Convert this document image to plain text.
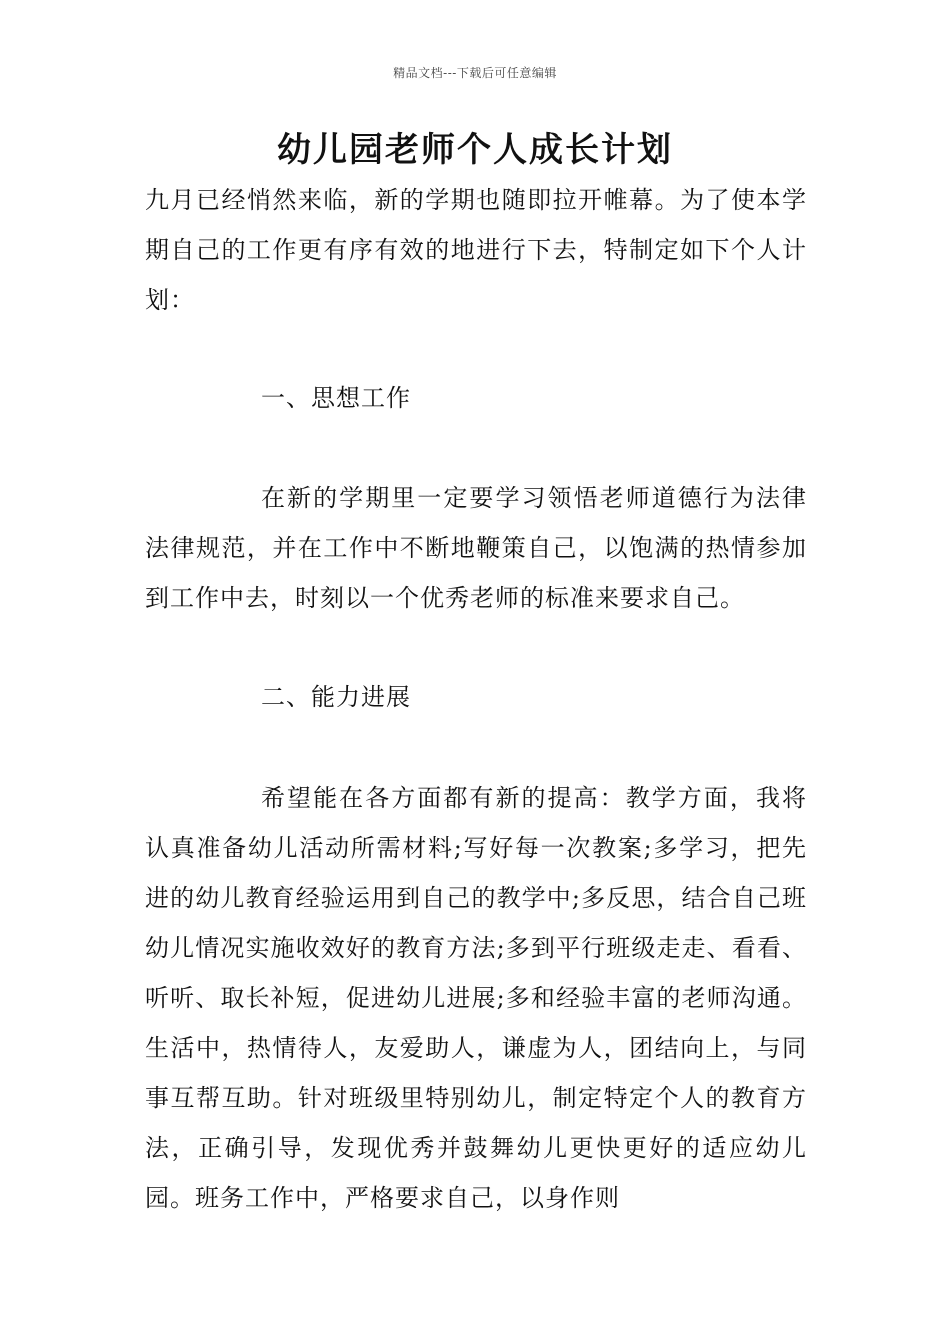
精品文档---下载后可任意编辑
幼儿园老师个人成长计划

九月已经悄然来临，新的学期也随即拉开帷幕。为了使本学期自己的工作更有序有效的地进行下去，特制定如下个人计划：

一、思想工作

在新的学期里一定要学习领悟老师道德行为法律法律规范，并在工作中不断地鞭策自己，以饱满的热情参加到工作中去，时刻以一个优秀老师的标准来要求自己。

二、能力进展

希望能在各方面都有新的提高：教学方面，我将认真准备幼儿活动所需材料;写好每一次教案;多学习，把先进的幼儿教育经验运用到自己的教学中;多反思，结合自己班幼儿情况实施收效好的教育方法;多到平行班级走走、看看、听听、取长补短，促进幼儿进展;多和经验丰富的老师沟通。生活中，热情待人，友爱助人，谦虚为人，团结向上，与同事互帮互助。针对班级里特别幼儿，制定特定个人的教育方法，正确引导，发现优秀并鼓舞幼儿更快更好的适应幼儿园。班务工作中，严格要求自己，以身作则
